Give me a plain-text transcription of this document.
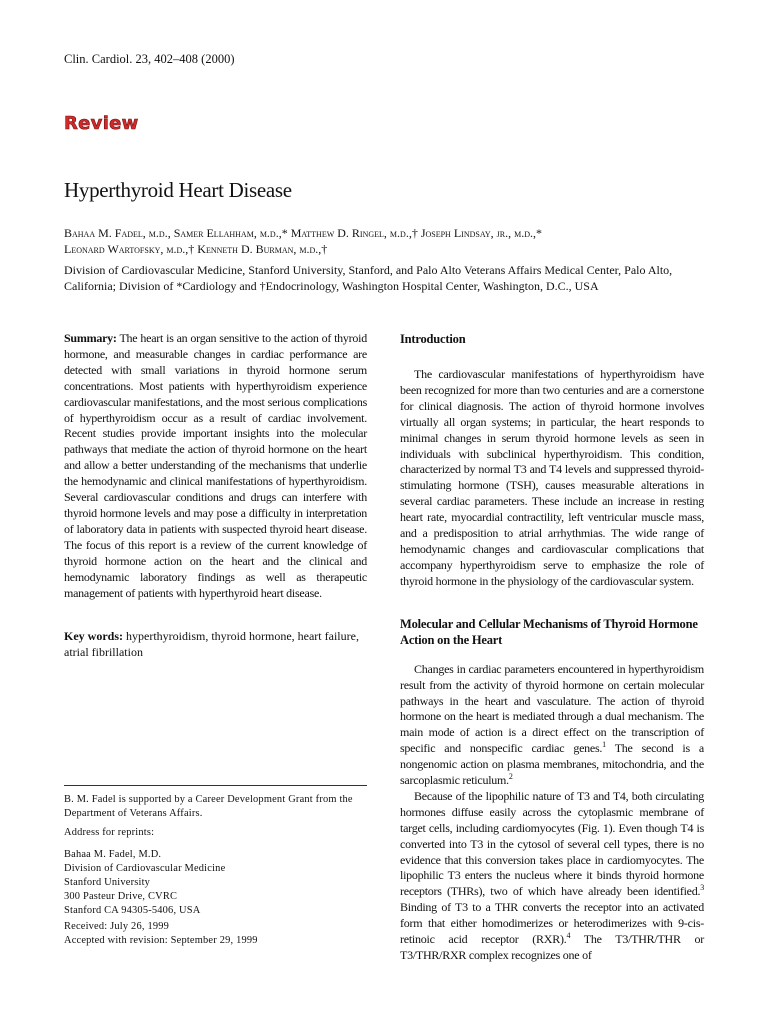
Clin. Cardiol. 23, 402–408 (2000)
Review
Hyperthyroid Heart Disease
Bahaa M. Fadel, m.d., Samer Ellahham, m.d.,* Matthew D. Ringel, m.d.,† Joseph Lindsay, jr., m.d.,*
Leonard Wartofsky, m.d.,† Kenneth D. Burman, m.d.,†
Division of Cardiovascular Medicine, Stanford University, Stanford, and Palo Alto Veterans Affairs Medical Center, Palo Alto, California; Division of *Cardiology and †Endocrinology, Washington Hospital Center, Washington, D.C., USA

Summary: The heart is an organ sensitive to the action of thyroid hormone, and measurable changes in cardiac performance are detected with small variations in thyroid hormone serum concentrations. Most patients with hyperthyroidism experience cardiovascular manifestations, and the most serious complications of hyperthyroidism occur as a result of cardiac involvement. Recent studies provide important insights into the molecular pathways that mediate the action of thyroid hormone on the heart and allow a better understanding of the mechanisms that underlie the hemodynamic and clinical manifestations of hyperthyroidism. Several cardiovascular conditions and drugs can interfere with thyroid hormone levels and may pose a difficulty in interpretation of laboratory data in patients with suspected thyroid heart disease. The focus of this report is a review of the current knowledge of thyroid hormone action on the heart and the clinical and hemodynamic laboratory findings as well as therapeutic management of patients with hyperthyroid heart disease.

Key words: hyperthyroidism, thyroid hormone, heart failure, atrial fibrillation

B. M. Fadel is supported by a Career Development Grant from the Department of Veterans Affairs.

Address for reprints:

Bahaa M. Fadel, M.D.

Division of Cardiovascular Medicine

Stanford University

300 Pasteur Drive, CVRC

Stanford CA 94305-5406, USA

Received: July 26, 1999

Accepted with revision: September 29, 1999

Introduction

The cardiovascular manifestations of hyperthyroidism have been recognized for more than two centuries and are a cornerstone for clinical diagnosis. The action of thyroid hormone involves virtually all organ systems; in particular, the heart responds to minimal changes in serum thyroid hormone levels as seen in individuals with subclinical hyperthyroidism. This condition, characterized by normal T3 and T4 levels and suppressed thyroid-stimulating hormone (TSH), causes measurable alterations in several cardiac parameters. These include an increase in resting heart rate, myocardial contractility, left ventricular muscle mass, and a predisposition to atrial arrhythmias. The wide range of hemodynamic changes and cardiovascular complications that accompany hyperthyroidism serve to emphasize the role of thyroid hormone in the physiology of the cardiovascular system.

Molecular and Cellular Mechanisms of Thyroid Hormone Action on the Heart

Changes in cardiac parameters encountered in hyperthyroidism result from the activity of thyroid hormone on certain molecular pathways in the heart and vasculature. The action of thyroid hormone on the heart is mediated through a dual mechanism. The main mode of action is a direct effect on the transcription of specific and nonspecific cardiac genes.$^1$ The second is a nongenomic action on plasma membranes, mitochondria, and the sarcoplasmic reticulum.$^2$

Because of the lipophilic nature of T3 and T4, both circulating hormones diffuse easily across the cytoplasmic membrane of target cells, including cardiomyocytes (Fig. 1). Even though T4 is converted into T3 in the cytosol of several cell types, there is no evidence that this conversion takes place in cardiomyocytes. The lipophilic T3 enters the nucleus where it binds thyroid hormone receptors (THRs), two of which have already been identified.$^3$ Binding of T3 to a THR converts the receptor into an activated form that either homodimerizes or heterodimerizes with 9-cis-retinoic acid receptor (RXR).$^4$ The T3/THR/THR or T3/THR/RXR complex recognizes one of
